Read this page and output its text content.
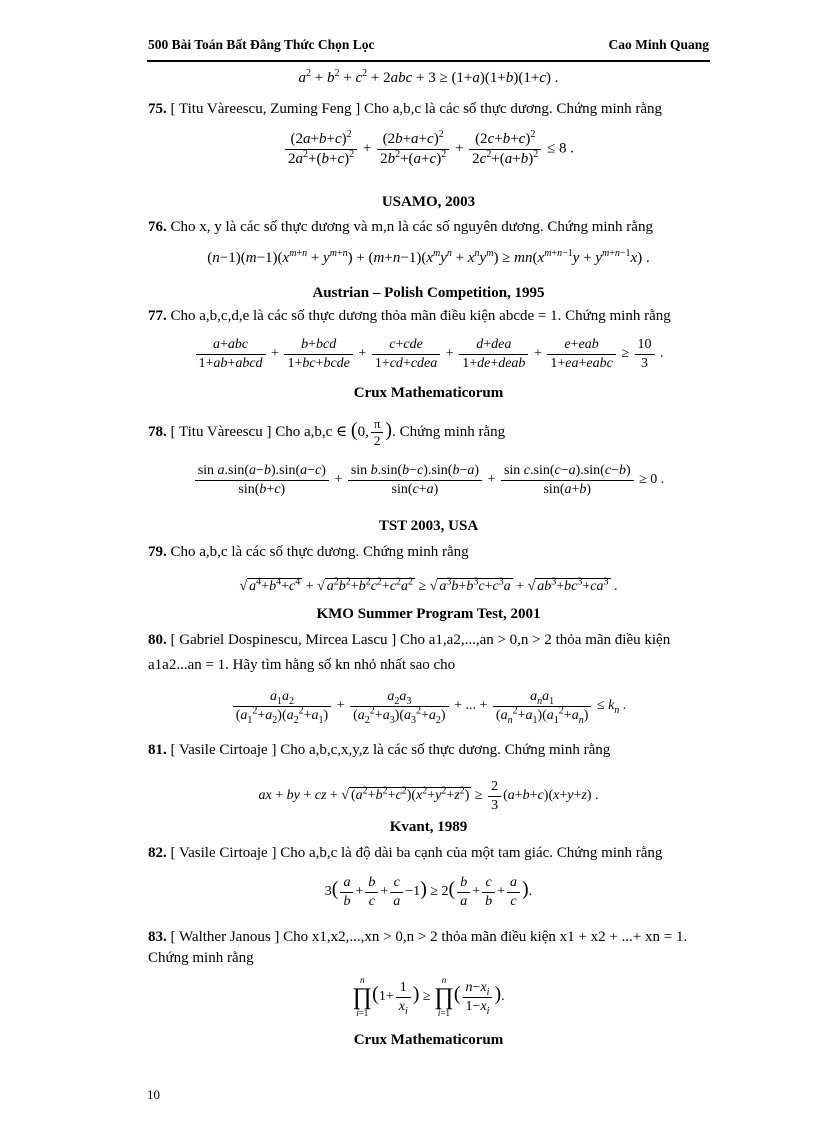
500 Bài Toán Bất Đẳng Thức Chọn Lọc	Cao Minh Quang
$a^2 + b^2 + c^2 + 2abc + 3 \ge (1+a)(1+b)(1+c)$ .
75. [ Titu Vàreescu, Zuming Feng ] Cho a,b,c là các số thực dương. Chứng minh rằng
$\frac{(2a+b+c)^2}{2a^2+(b+c)^2} + \frac{(2b+a+c)^2}{2b^2+(a+c)^2} + \frac{(2c+b+c)^2}{2c^2+(a+b)^2} \le 8$ .
USAMO, 2003
76. Cho x, y là các số thực dương và m,n là các số nguyên dương. Chứng minh rằng
$(n-1)(m-1)(x^{m+n} + y^{m+n}) + (m+n-1)(x^my^n + x^ny^m) \ge mn(x^{m+n-1}y + y^{m+n-1}x)$ .
Austrian – Polish Competition, 1995
77. Cho a,b,c,d,e là các số thực dương thỏa mãn điều kiện abcde = 1. Chứng minh rằng
$\frac{\text{a+abc}}{\text{1+ab+abcd}} + \frac{\text{b+bcd}}{\text{1+bc+bcde}} + \frac{\text{c+cde}}{\text{1+cd+cdea}} + \frac{\text{d+dea}}{\text{1+de+deab}} + \frac{\text{e+eab}}{\text{1+ea+eabc}} \ge \frac{10}{3}$ .
Crux Mathematicorum
78. [ Titu Vàreescu ] Cho a,b,c ∈ (0, $\frac{\pi}{2}$ ). Chứng minh rằng
$\frac{\text{sin a.sin(a−b).sin(a−c)}}{\sin(b+c)} + \frac{\text{sin b.sin(b−c).sin(b−a)}}{\sin(c+a)} + \frac{\text{sin c.sin(c−a).sin(c−b)}}{\sin(a+b)} \ge 0$ .
TST 2003, USA
79. Cho a,b,c là các số thực dương. Chứng minh rằng
√ $a^4+b^4+c^4$ + √ $a^2b^2+b^2c^2+c^2a^2$ ≥ √ $a^3b+b^3c+c^3a$ + √ $ab^3+bc^3+ca^3$ .
KMO Summer Program Test, 2001
80. [ Gabriel Dospinescu, Mircea Lascu ] Cho a1,a2,...,an > 0,n > 2 thỏa mãn điều kiện
a1a2...an = 1. Hãy tìm hằng số kn nhỏ nhất sao cho
$\frac{a_1a_2}{(a_1^2+a_2)(a_2^2+a_1)} + \frac{a_2a_3}{(a_2^2+a_3)(a_3^2+a_2)}$ + ... + $\frac{a_na_1}{(a_n^2+a_1)(a_1^2+a_n)} \le k_n$ .
81. [ Vasile Cirtoaje ] Cho a,b,c,x,y,z là các số thực dương. Chứng minh rằng
ax + by + cz + √ $(a^2+b^2+c^2)(x^2+y^2+z^2) \ge \frac{2}{3} (a+b+c)(x+y+z)$ .
Kvant, 1989
82. [ Vasile Cirtoaje ] Cho a,b,c là độ dài ba cạnh của một tam giác. Chứng minh rằng
$3( \frac{a}{b} + \frac{b}{c} + \frac{c}{a} -1) \ge 2( \frac{b}{a} + \frac{c}{b} + \frac{a}{c}$ ).
83. [ Walther Janous ] Cho x1,x2,...,xn > 0,n > 2 thỏa mãn điều kiện x1 + x2 + ...+ xn = 1.
Chứng minh rằng
n
∏
$i=1(1+ \frac{1}{x_i}$ ) ≥ n
∏
$i=1( \frac{n-x_i}{1-x_i}$ ).
Crux Mathematicorum
10
